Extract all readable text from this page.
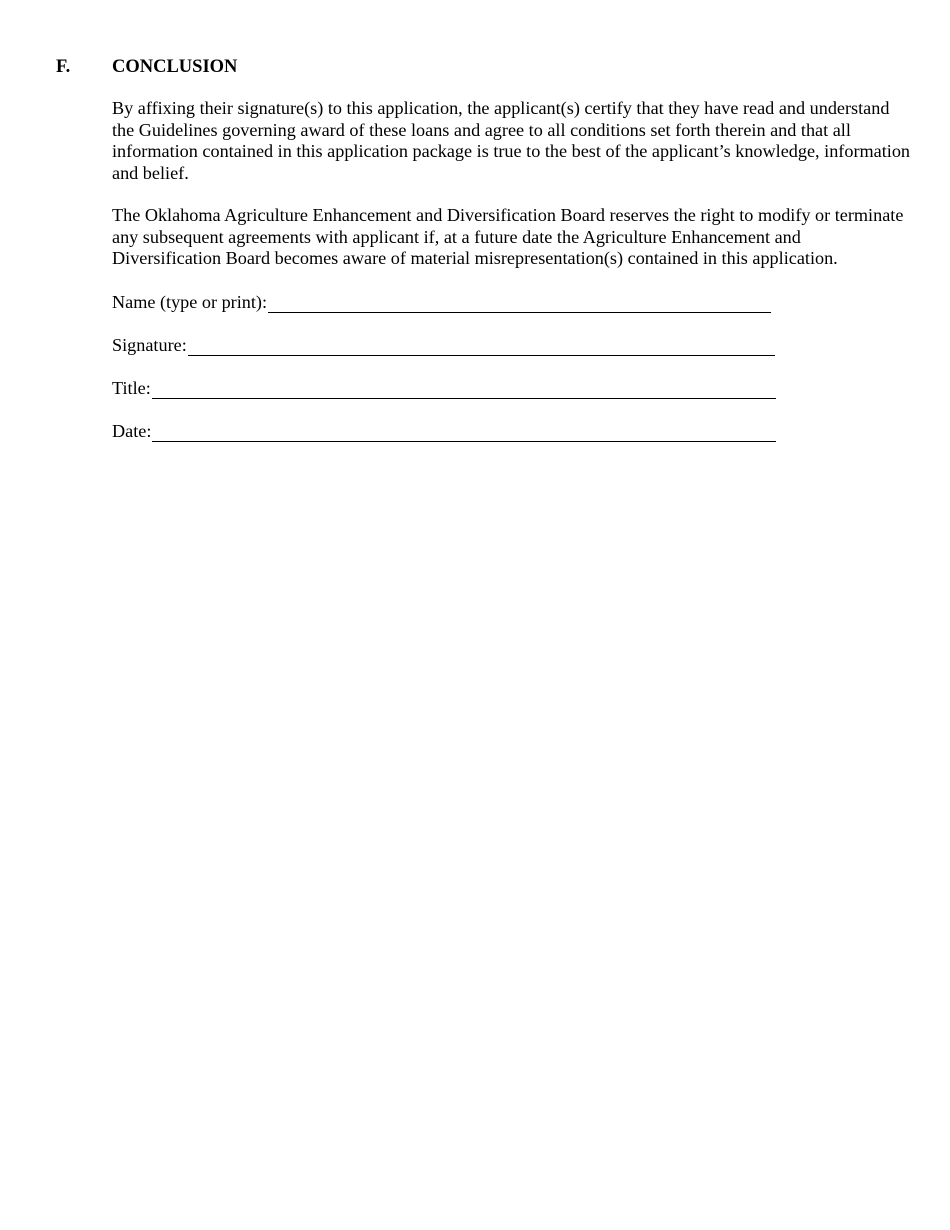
F. CONCLUSION

By affixing their signature(s) to this application, the applicant(s) certify that they have read and understand the Guidelines governing award of these loans and agree to all conditions set forth therein and that all information contained in this application package is true to the best of the applicant’s knowledge, information and belief.

The Oklahoma Agriculture Enhancement and Diversification Board reserves the right to modify or terminate any subsequent agreements with applicant if, at a future date the Agriculture Enhancement and Diversification Board becomes aware of material misrepresentation(s) contained in this application.

Name (type or print):
Signature:
Title:
Date:
